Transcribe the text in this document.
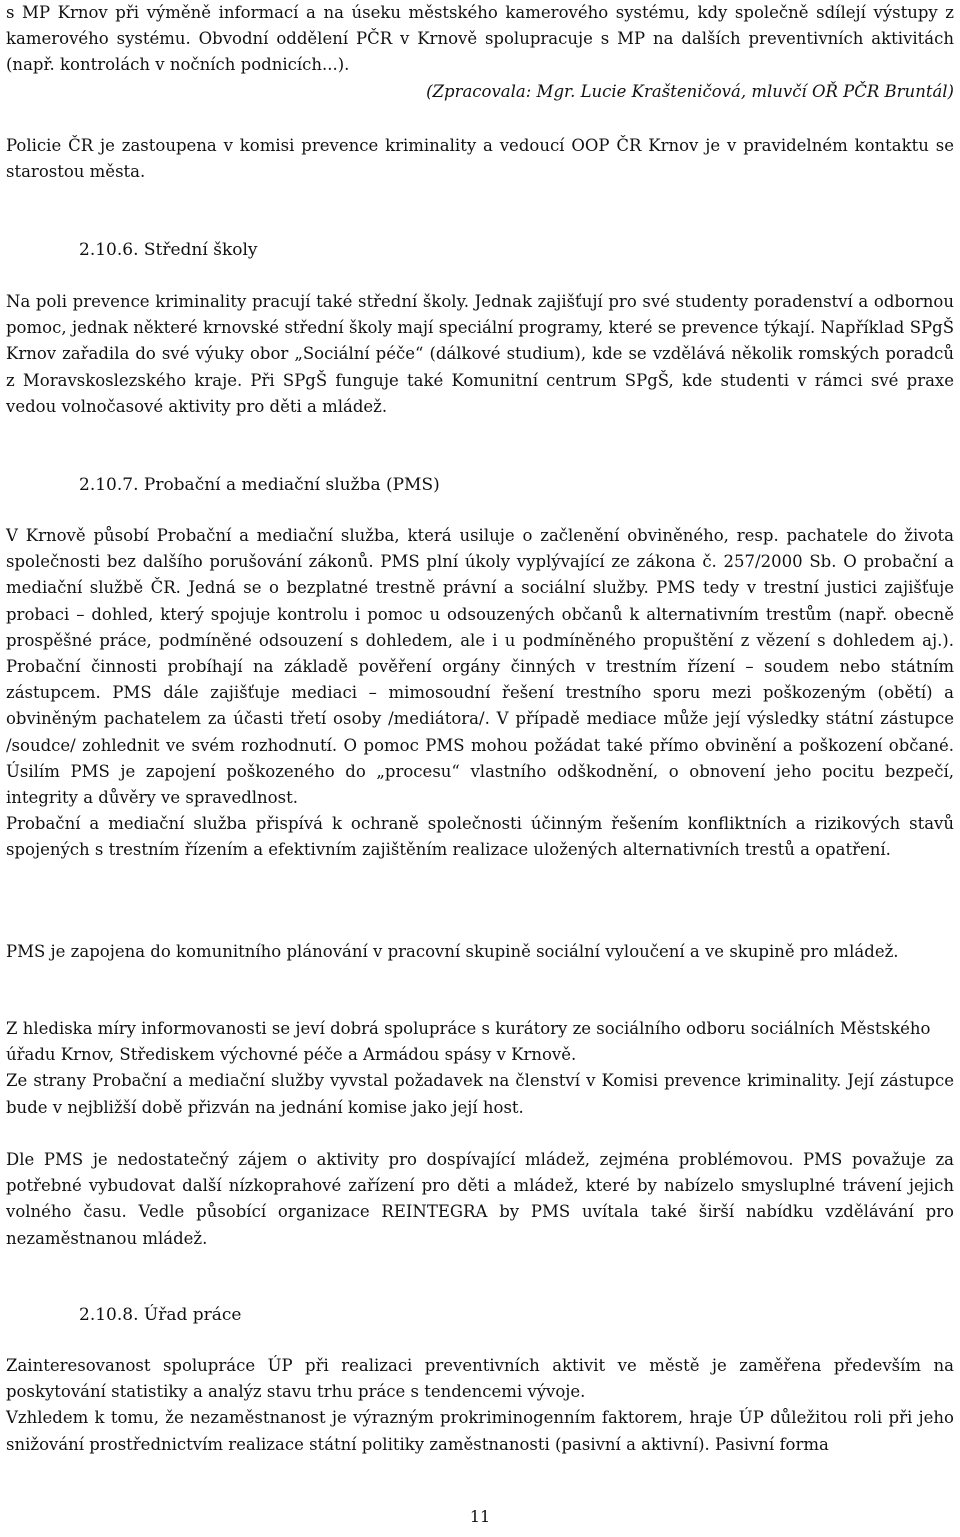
s MP Krnov při výměně informací a na úseku městského kamerového systému, kdy společně sdílejí výstupy z kamerového systému. Obvodní oddělení PČR v Krnově spolupracuje s MP na dalších preventivních aktivitách (např. kontrolách v nočních podnicích...).

(Zpracovala: Mgr. Lucie Krašteničová, mluvčí OŘ PČR Bruntál)

Policie ČR je zastoupena v komisi prevence kriminality a vedoucí OOP ČR Krnov je v pravidelném kontaktu se starostou města.

2.10.6. Střední školy

Na poli prevence kriminality pracují také střední školy. Jednak zajišťují pro své studenty poradenství a odbornou pomoc, jednak některé krnovské střední školy mají speciální programy, které se prevence týkají. Například SPgŠ Krnov zařadila do své výuky obor „Sociální péče“ (dálkové studium), kde se vzdělává několik romských poradců z Moravskoslezského kraje. Při SPgŠ funguje také Komunitní centrum SPgŠ, kde studenti v rámci své praxe vedou volnočasové aktivity pro děti a mládež.

2.10.7. Probační a mediační služba (PMS)

V Krnově působí Probační a mediační služba, která usiluje o začlenění obviněného, resp. pachatele do života společnosti bez dalšího porušování zákonů. PMS plní úkoly vyplývající ze zákona č. 257/2000 Sb. O probační a mediační službě ČR. Jedná se o bezplatné trestně právní a sociální služby. PMS tedy v trestní justici zajišťuje probaci – dohled, který spojuje kontrolu i pomoc u odsouzených občanů k alternativním trestům (např. obecně prospěšné práce, podmíněné odsouzení s dohledem, ale i u podmíněného propuštění z vězení s dohledem aj.). Probační činnosti probíhají na základě pověření orgány činných v trestním řízení – soudem nebo státním zástupcem. PMS dále zajišťuje mediaci – mimosoudní řešení trestního sporu mezi poškozeným (obětí) a obviněným pachatelem za účasti třetí osoby /mediátora/. V případě mediace může její výsledky státní zástupce /soudce/ zohlednit ve svém rozhodnutí. O pomoc PMS mohou požádat také přímo obvinění a poškození občané. Úsilím PMS je zapojení poškozeného do „procesu“ vlastního odškodnění, o obnovení jeho pocitu bezpečí, integrity a důvěry ve spravedlnost.

Probační a mediační služba přispívá k ochraně společnosti účinným řešením konfliktních a rizikových stavů spojených s trestním řízením a efektivním zajištěním realizace uložených alternativních trestů a opatření.

PMS je zapojena do komunitního plánování v pracovní skupině sociální vyloučení a ve skupině pro mládež.

Z hlediska míry informovanosti se jeví dobrá spolupráce s kurátory ze sociálního odboru sociálních Městského úřadu Krnov, Střediskem výchovné péče a Armádou spásy v Krnově.

Ze strany Probační a mediační služby vyvstal požadavek na členství v Komisi prevence kriminality. Její zástupce bude v nejbližší době přizván na jednání komise jako její host.

Dle PMS je nedostatečný zájem o aktivity pro dospívající mládež, zejména problémovou. PMS považuje za potřebné vybudovat další nízkoprahové zařízení pro děti a mládež, které by nabízelo smysluplné trávení jejich volného času. Vedle působící organizace REINTEGRA by PMS uvítala také širší nabídku vzdělávání pro nezaměstnanou mládež.

2.10.8. Úřad práce

Zainteresovanost spolupráce ÚP při realizaci preventivních aktivit ve městě je zaměřena především na poskytování statistiky a analýz stavu trhu práce s tendencemi vývoje.

Vzhledem k tomu, že nezaměstnanost je výrazným prokriminogenním faktorem, hraje ÚP důležitou roli při jeho snižování prostřednictvím realizace státní politiky zaměstnanosti (pasivní a aktivní). Pasivní forma

11
